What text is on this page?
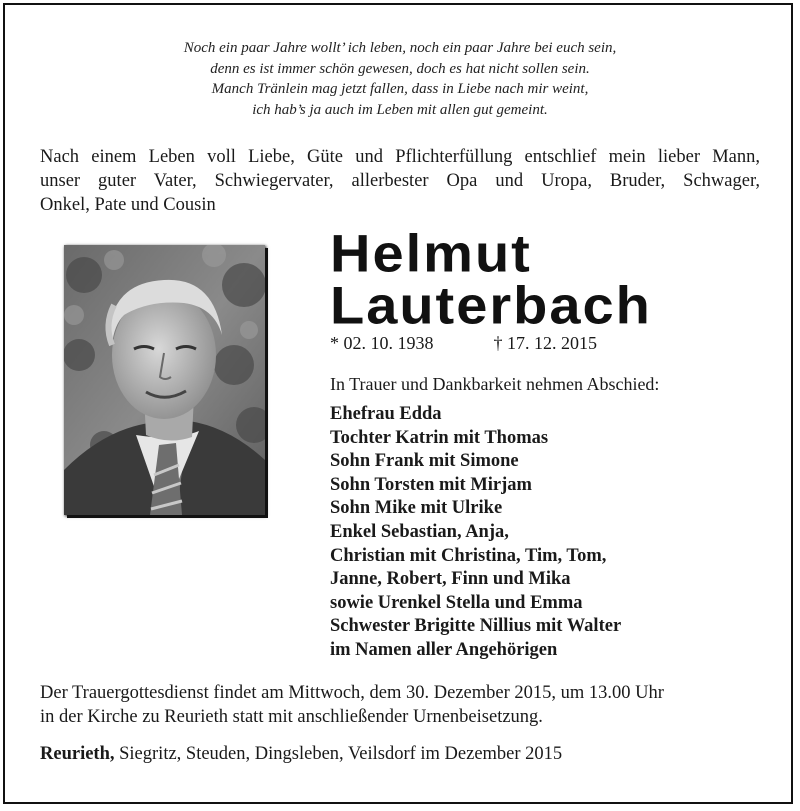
Noch ein paar Jahre wollt’ ich leben, noch ein paar Jahre bei euch sein,
denn es ist immer schön gewesen, doch es hat nicht sollen sein.
Manch Tränlein mag jetzt fallen, dass in Liebe nach mir weint,
ich hab’s ja auch im Leben mit allen gut gemeint.
Nach einem Leben voll Liebe, Güte und Pflichterfüllung entschlief mein lieber Mann,
unser guter Vater, Schwiegervater, allerbester Opa und Uropa, Bruder, Schwager,
Onkel, Pate und Cousin
Helmut
Lauterbach
* 02. 10. 1938	† 17. 12. 2015
In Trauer und Dankbarkeit nehmen Abschied:
Ehefrau Edda
Tochter Katrin mit Thomas
Sohn Frank mit Simone
Sohn Torsten mit Mirjam
Sohn Mike mit Ulrike
Enkel Sebastian, Anja,
Christian mit Christina, Tim, Tom,
Janne, Robert, Finn und Mika
sowie Urenkel Stella und Emma
Schwester Brigitte Nillius mit Walter
im Namen aller Angehörigen
Der Trauergottesdienst findet am Mittwoch, dem 30. Dezember 2015, um 13.00 Uhr
in der Kirche zu Reurieth statt mit anschließender Urnenbeisetzung.
Reurieth, Siegritz, Steuden, Dingsleben, Veilsdorf im Dezember 2015
